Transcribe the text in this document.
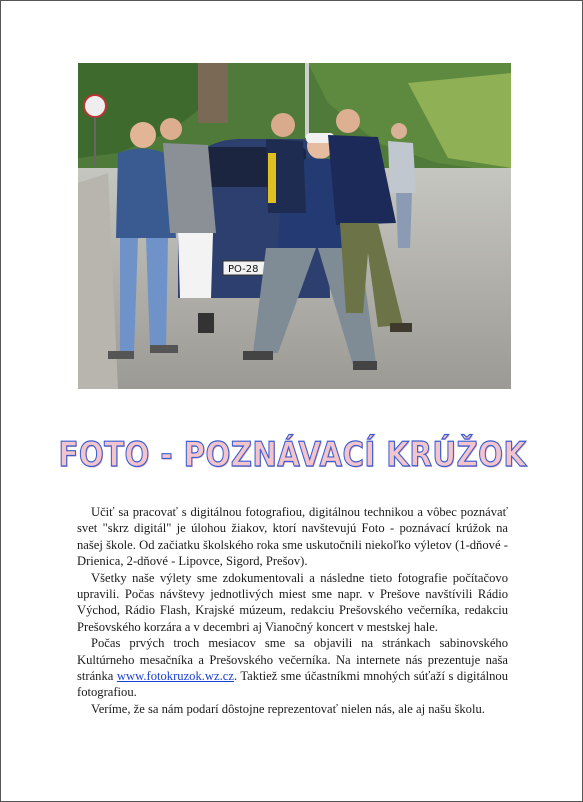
PO-28
FOTO - POZNÁVACÍ KRÚŽOK

Učiť sa pracovať s digitálnou fotografiou, digitálnou technikou a vôbec poznávať svet "skrz digitál" je úlohou žiakov, ktorí navštevujú Foto - poznávací krúžok na našej škole. Od začiatku školského roka sme uskutočnili niekoľko výletov (1-dňové - Drienica, 2-dňové - Lipovce, Sigord, Prešov).

Všetky naše výlety sme zdokumentovali a následne tieto fotografie počítačovo upravili. Počas návštevy jednotlivých miest sme napr. v Prešove navštívili Rádio Východ, Rádio Flash, Krajské múzeum, redakciu Prešovského večerníka, redakciu Prešovského korzára a v decembri aj Vianočný koncert v mestskej hale.

Počas prvých troch mesiacov sme sa objavili na stránkach sabinovského Kultúrneho mesačníka a Prešovského večerníka. Na internete nás prezentuje naša stránka www.fotokruzok.wz.cz. Taktiež sme účastníkmi mnohých súťaží s digitálnou fotografiou.

Veríme, že sa nám podarí dôstojne reprezentovať nielen nás, ale aj našu školu.
